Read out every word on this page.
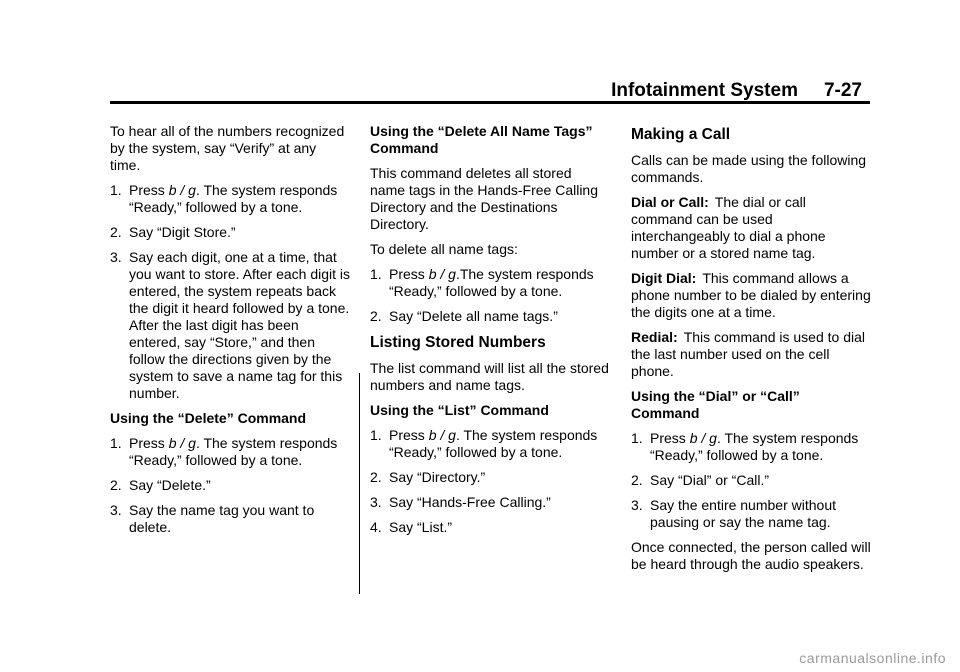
Infotainment System 7-27

To hear all of the numbers recognized by the system, say “Verify” at any time.

1. Press b / g. The system responds “Ready,” followed by a tone.
2. Say “Digit Store.”
3. Say each digit, one at a time, that you want to store. After each digit is entered, the system repeats back the digit it heard followed by a tone. After the last digit has been entered, say “Store,” and then follow the directions given by the system to save a name tag for this number.

Using the “Delete” Command

1. Press b / g. The system responds “Ready,” followed by a tone.
2. Say “Delete.”
3. Say the name tag you want to delete.

Using the “Delete All Name Tags” Command

This command deletes all stored name tags in the Hands-Free Calling Directory and the Destinations Directory.

To delete all name tags:

1. Press b / g.The system responds “Ready,” followed by a tone.
2. Say “Delete all name tags.”

Listing Stored Numbers

The list command will list all the stored numbers and name tags.

Using the “List” Command

1. Press b / g. The system responds “Ready,” followed by a tone.
2. Say “Directory.”
3. Say “Hands-Free Calling.”
4. Say “List.”

Making a Call

Calls can be made using the following commands.

Dial or Call: The dial or call command can be used interchangeably to dial a phone number or a stored name tag.

Digit Dial: This command allows a phone number to be dialed by entering the digits one at a time.

Redial: This command is used to dial the last number used on the cell phone.

Using the “Dial” or “Call” Command

1. Press b / g. The system responds “Ready,” followed by a tone.
2. Say “Dial” or “Call.”
3. Say the entire number without pausing or say the name tag.

Once connected, the person called will be heard through the audio speakers.

carmanualsonline.info
